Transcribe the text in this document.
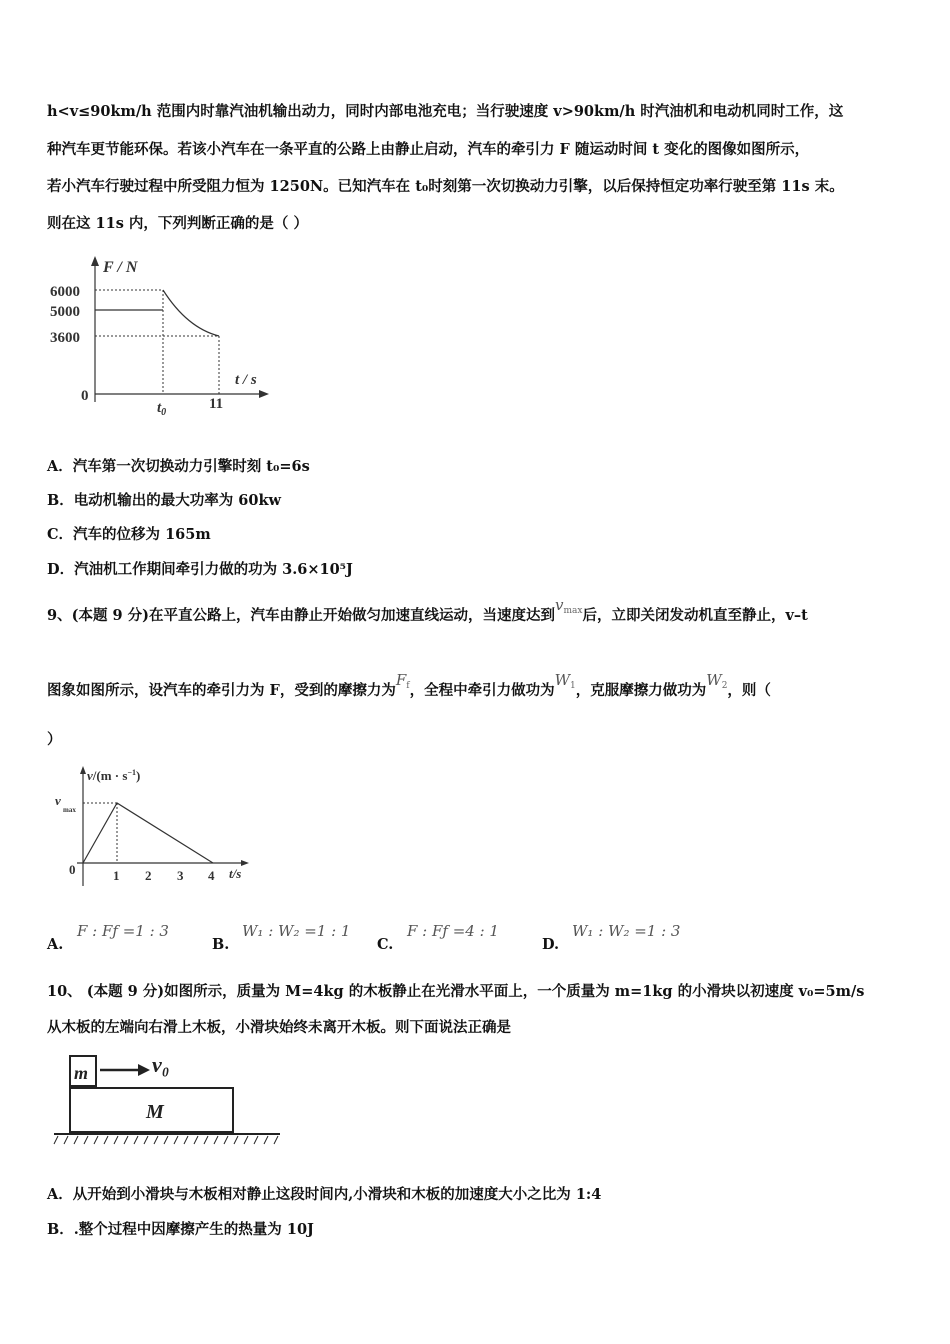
h<v≤90km/h 范围内时靠汽油机输出动力，同时内部电池充电；当行驶速度 v>90km/h 时汽油机和电动机同时工作，这
种汽车更节能环保。若该小汽车在一条平直的公路上由静止启动，汽车的牵引力 F 随运动时间 t 变化的图像如图所示，
若小汽车行驶过程中所受阻力恒为 1250N。已知汽车在 t₀时刻第一次切换动力引擎，以后保持恒定功率行驶至第 11s 末。
则在这 11s 内，下列判断正确的是（ ）
F / N
t / s
6000
5000
3600
0
$t_0$
11
A．汽车第一次切换动力引擎时刻 t₀=6s
B．电动机输出的最大功率为 60kw
C．汽车的位移为 165m
D．汽油机工作期间牵引力做的功为 3.6×10⁵J
9、(本题 9 分)在平直公路上，汽车由静止开始做匀加速直线运动，当速度达到$v_{max}$后，立即关闭发动机直至静止，v–t
图象如图所示，设汽车的牵引力为 F，受到的摩擦力为$F_f$，全程中牵引力做功为$W_1$，克服摩擦力做功为$W_2$，则（
）
$v/(m \cdot s^{-1})$
t/s
v
max
0	1 2 3 4
A.
F : Fƒ =1 : 3
B.
W₁ : W₂ =1 : 1
C.
F : Fƒ =4 : 1
D.
W₁ : W₂ =1 : 3
10、 (本题 9 分)如图所示，质量为 M=4kg 的木板静止在光滑水平面上，一个质量为 m=1kg 的小滑块以初速度 v₀=5m/s
从木板的左端向右滑上木板，小滑块始终未离开木板。则下面说法正确是
m	v₀
M
A．从开始到小滑块与木板相对静止这段时间内,小滑块和木板的加速度大小之比为 1:4
B．.整个过程中因摩擦产生的热量为 10J
